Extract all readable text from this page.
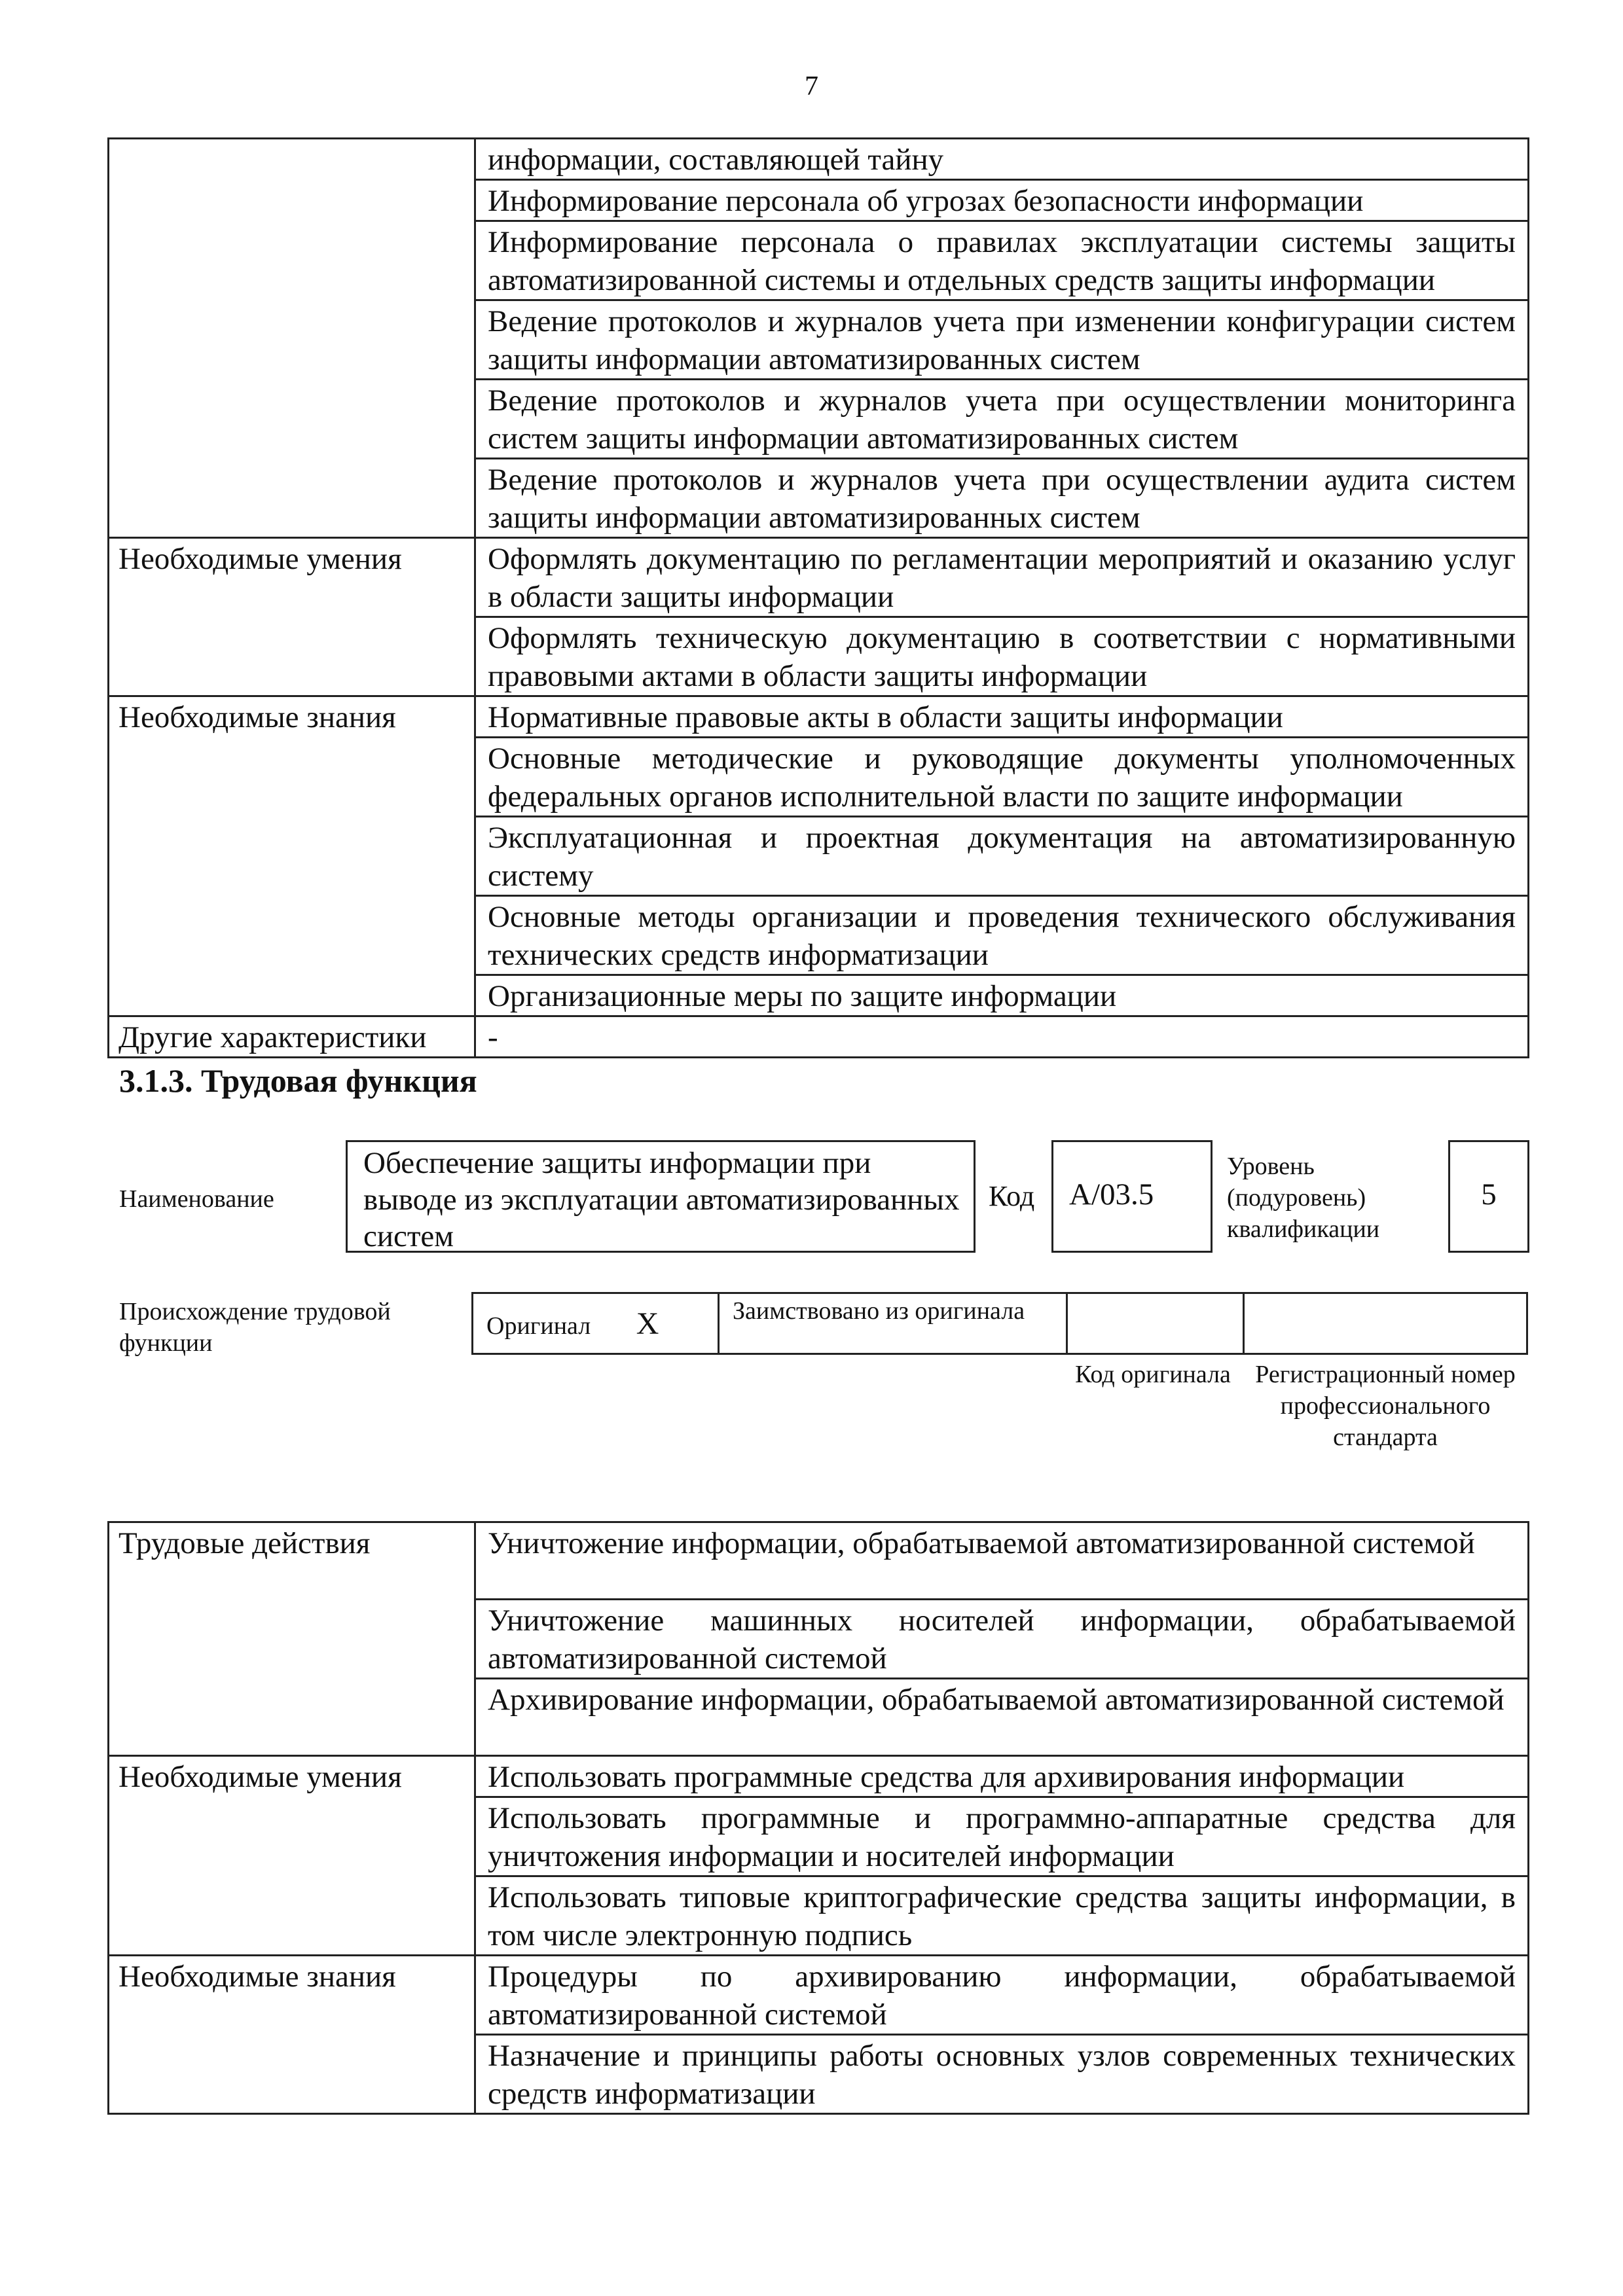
7
	информации, составляющей тайну
	Информирование персонала об угрозах безопасности информации
	Информирование персонала о правилах эксплуатации системы защиты автоматизированной системы и отдельных средств защиты информации
	Ведение протоколов и журналов учета при изменении конфигурации систем защиты информации автоматизированных систем
	Ведение протоколов и журналов учета при осуществлении мониторинга систем защиты информации автоматизированных систем
	Ведение протоколов и журналов учета при осуществлении аудита систем защиты информации автоматизированных систем
Необходимые умения	Оформлять документацию по регламентации мероприятий и оказанию услуг в области защиты информации
	Оформлять техническую документацию в соответствии с нормативными правовыми актами в области защиты информации
Необходимые знания	Нормативные правовые акты в области защиты информации
	Основные методические и руководящие документы уполномоченных федеральных органов исполнительной власти по защите информации
	Эксплуатационная и проектная документация на автоматизированную систему
	Основные методы организации и проведения технического обслуживания технических средств информатизации
	Организационные меры по защите информации
Другие характеристики	-
3.1.3. Трудовая функция
Наименование
Обеспечение защиты информации при выводе из эксплуатации автоматизированных систем
Код A/03.5
Уровень (подуровень) квалификации
5
Происхождение трудовой функции
Оригинал X	Заимствовано из оригинала		
Код оригинала Регистрационный номер профессионального стандарта
Трудовые действия	Уничтожение информации, обрабатываемой автоматизированной системой
	Уничтожение машинных носителей информации, обрабатываемой автоматизированной системой
	Архивирование информации, обрабатываемой автоматизированной системой
Необходимые умения	Использовать программные средства для архивирования информации
	Использовать программные и программно-аппаратные средства для уничтожения информации и носителей информации
	Использовать типовые криптографические средства защиты информации, в том числе электронную подпись
Необходимые знания	Процедуры по архивированию информации, обрабатываемой автоматизированной системой
	Назначение и принципы работы основных узлов современных технических средств информатизации
